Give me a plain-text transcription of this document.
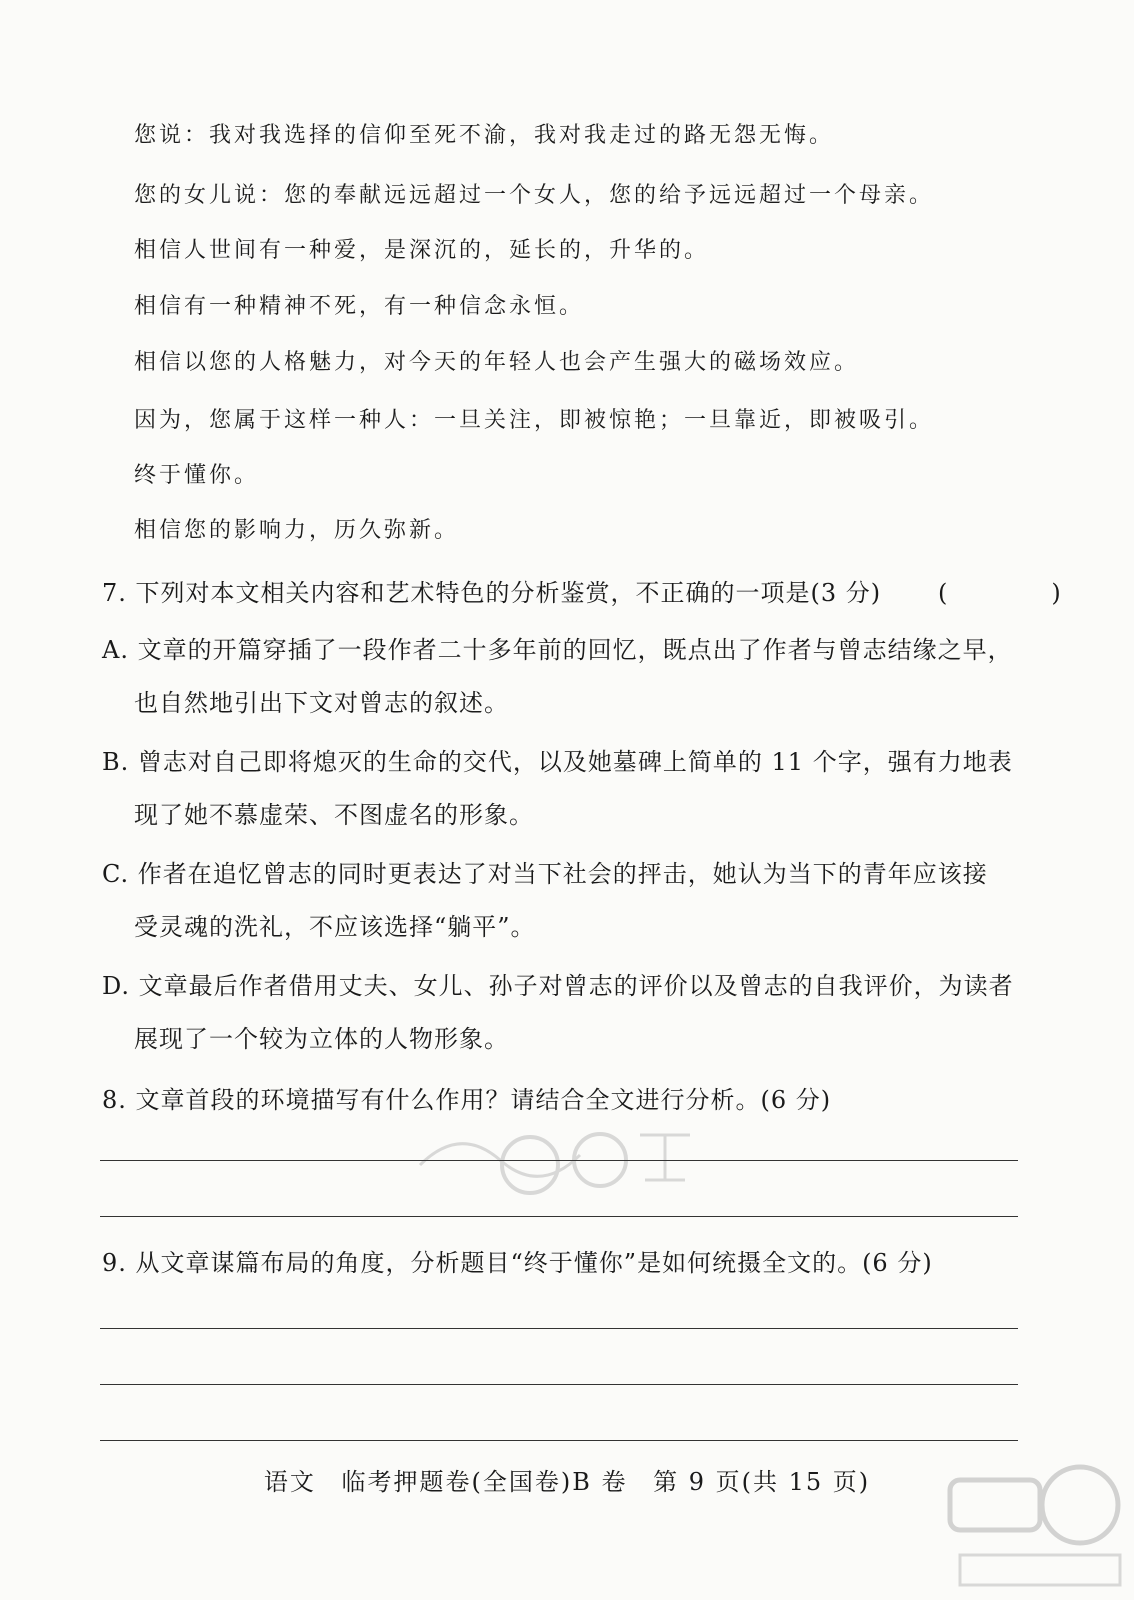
您说：我对我选择的信仰至死不渝，我对我走过的路无怨无悔。
您的女儿说：您的奉献远远超过一个女人，您的给予远远超过一个母亲。
相信人世间有一种爱，是深沉的，延长的，升华的。
相信有一种精神不死，有一种信念永恒。
相信以您的人格魅力，对今天的年轻人也会产生强大的磁场效应。
因为，您属于这样一种人：一旦关注，即被惊艳；一旦靠近，即被吸引。
终于懂你。
相信您的影响力，历久弥新。
7. 下列对本文相关内容和艺术特色的分析鉴赏，不正确的一项是(3 分) (　)
A. 文章的开篇穿插了一段作者二十多年前的回忆，既点出了作者与曾志结缘之早，
也自然地引出下文对曾志的叙述。
B. 曾志对自己即将熄灭的生命的交代，以及她墓碑上简单的 11 个字，强有力地表
现了她不慕虚荣、不图虚名的形象。
C. 作者在追忆曾志的同时更表达了对当下社会的抨击，她认为当下的青年应该接
受灵魂的洗礼，不应该选择“躺平”。
D. 文章最后作者借用丈夫、女儿、孙子对曾志的评价以及曾志的自我评价，为读者
展现了一个较为立体的人物形象。
8. 文章首段的环境描写有什么作用？请结合全文进行分析。(6 分)
9. 从文章谋篇布局的角度，分析题目“终于懂你”是如何统摄全文的。(6 分)
语文 临考押题卷(全国卷)B 卷 第 9 页(共 15 页)
